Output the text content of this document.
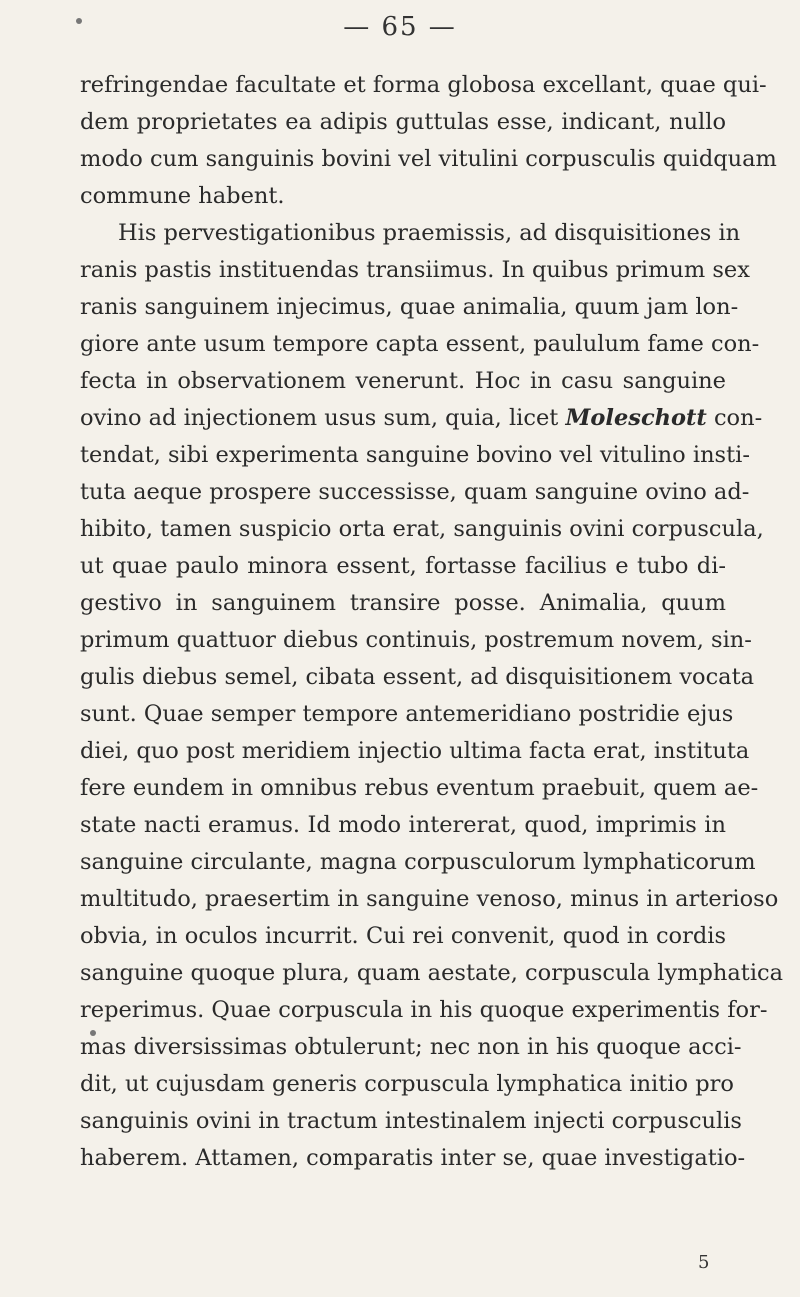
— 65 —
refringendae facultate et forma globosa excellant, quae qui-
dem proprietates ea adipis guttulas esse, indicant, nullo
modo cum sanguinis bovini vel vitulini corpusculis quidquam
commune habent.
His pervestigationibus praemissis, ad disquisitiones in
ranis pastis instituendas transiimus. In quibus primum sex
ranis sanguinem injecimus, quae animalia, quum jam lon-
giore ante usum tempore capta essent, paululum fame con-
fecta in observationem venerunt. Hoc in casu sanguine
ovino ad injectionem usus sum, quia, licet Moleschott con-
tendat, sibi experimenta sanguine bovino vel vitulino insti-
tuta aeque prospere successisse, quam sanguine ovino ad-
hibito, tamen suspicio orta erat, sanguinis ovini corpuscula,
ut quae paulo minora essent, fortasse facilius e tubo di-
gestivo in sanguinem transire posse. Animalia, quum
primum quattuor diebus continuis, postremum novem, sin-
gulis diebus semel, cibata essent, ad disquisitionem vocata
sunt. Quae semper tempore antemeridiano postridie ejus
diei, quo post meridiem injectio ultima facta erat, instituta
fere eundem in omnibus rebus eventum praebuit, quem ae-
state nacti eramus. Id modo intererat, quod, imprimis in
sanguine circulante, magna corpusculorum lymphaticorum
multitudo, praesertim in sanguine venoso, minus in arterioso
obvia, in oculos incurrit. Cui rei convenit, quod in cordis
sanguine quoque plura, quam aestate, corpuscula lymphatica
reperimus. Quae corpuscula in his quoque experimentis for-
mas diversissimas obtulerunt; nec non in his quoque acci-
dit, ut cujusdam generis corpuscula lymphatica initio pro
sanguinis ovini in tractum intestinalem injecti corpusculis
haberem. Attamen, comparatis inter se, quae investigatio-
5
